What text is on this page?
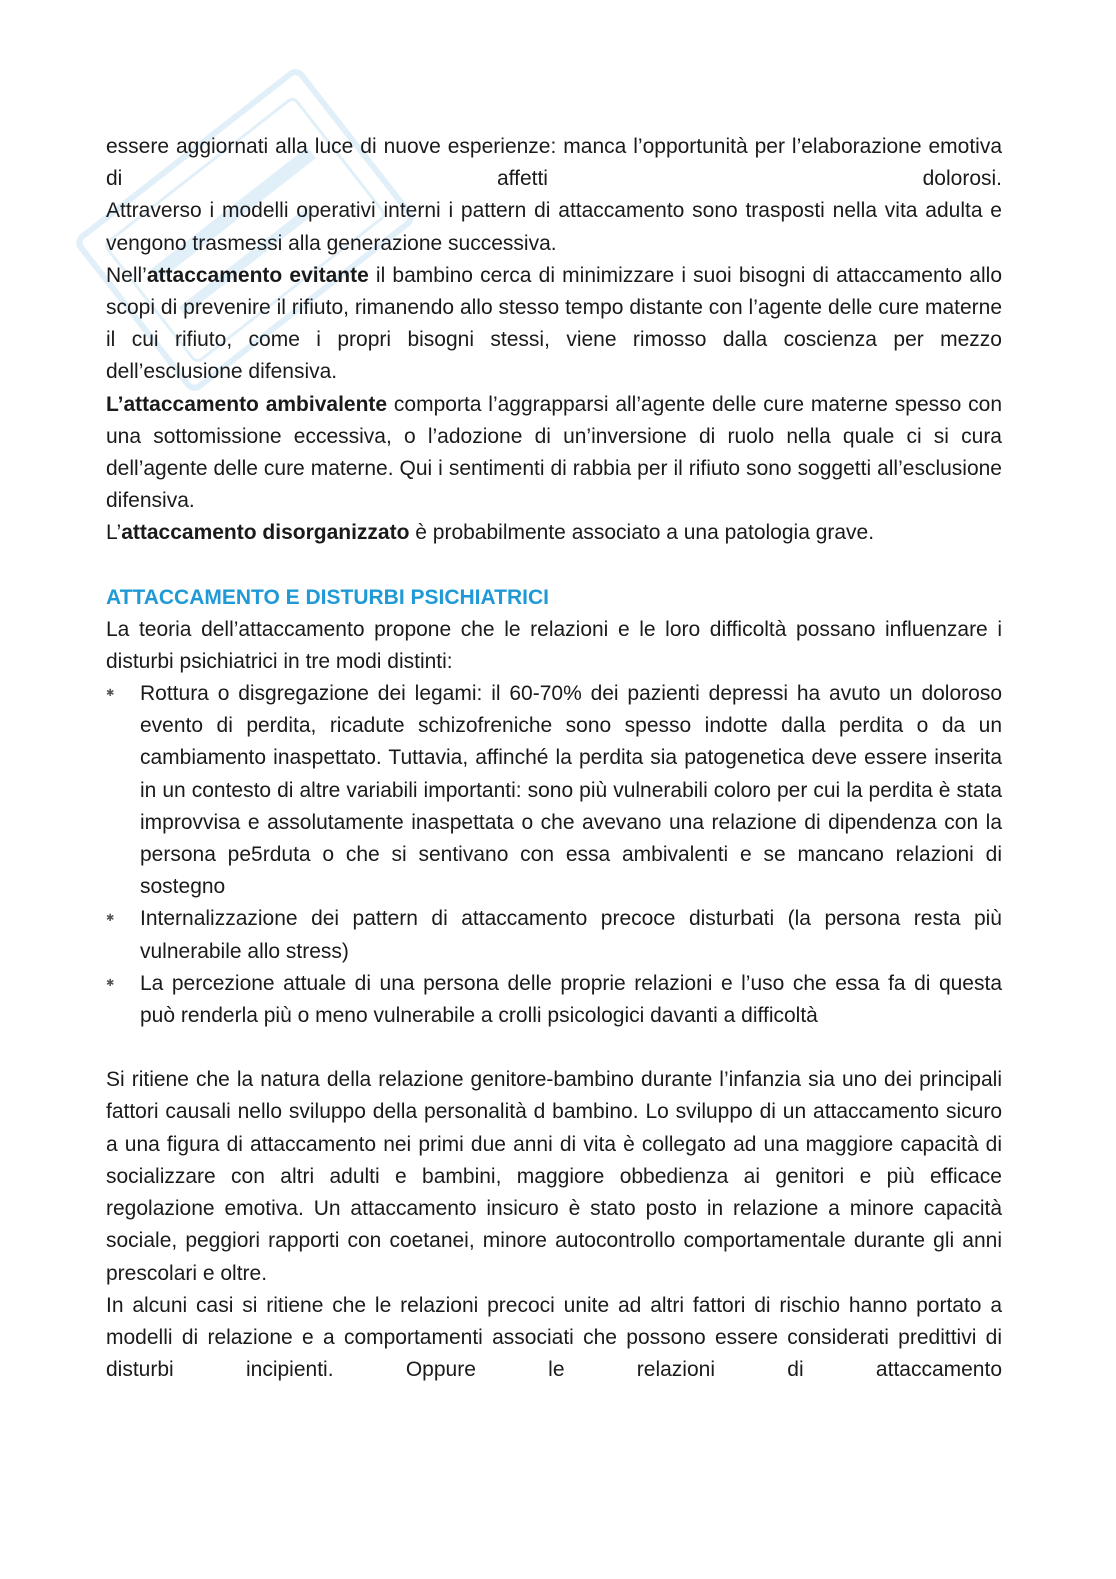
essere aggiornati alla luce di nuove esperienze: manca l’opportunità per l’elaborazione emotiva di affetti dolorosi.

Attraverso i modelli operativi interni i pattern di attaccamento sono trasposti nella vita adulta e vengono trasmessi alla generazione successiva.

Nell’attaccamento evitante il bambino cerca di minimizzare i suoi bisogni di attaccamento allo scopi di prevenire il rifiuto, rimanendo allo stesso tempo distante con l’agente delle cure materne il cui rifiuto, come i propri bisogni stessi, viene rimosso dalla coscienza per mezzo dell’esclusione difensiva.

L’attaccamento ambivalente comporta l’aggrapparsi all’agente delle cure materne spesso con una sottomissione eccessiva, o l’adozione di un’inversione di ruolo nella quale ci si cura dell’agente delle cure materne. Qui i sentimenti di rabbia per il rifiuto sono soggetti all’esclusione difensiva.

L’attaccamento disorganizzato è probabilmente associato a una patologia grave.

ATTACCAMENTO E DISTURBI PSICHIATRICI

La teoria dell’attaccamento propone che le relazioni e le loro difficoltà possano influenzare i disturbi psichiatrici in tre modi distinti:

✱ Rottura o disgregazione dei legami: il 60-70% dei pazienti depressi ha avuto un doloroso evento di perdita, ricadute schizofreniche sono spesso indotte dalla perdita o da un cambiamento inaspettato. Tuttavia, affinché la perdita sia patogenetica deve essere inserita in un contesto di altre variabili importanti: sono più vulnerabili coloro per cui la perdita è stata improvvisa e assolutamente inaspettata o che avevano una relazione di dipendenza con la persona pe5rduta o che si sentivano con essa ambivalenti e se mancano relazioni di sostegno
✱ Internalizzazione dei pattern di attaccamento precoce disturbati (la persona resta più vulnerabile allo stress)
✱ La percezione attuale di una persona delle proprie relazioni e l’uso che essa fa di questa può renderla più o meno vulnerabile a crolli psicologici davanti a difficoltà

Si ritiene che la natura della relazione genitore-bambino durante l’infanzia sia uno dei principali fattori causali nello sviluppo della personalità d bambino. Lo sviluppo di un attaccamento sicuro a una figura di attaccamento nei primi due anni di vita è collegato ad una maggiore capacità di socializzare con altri adulti e bambini, maggiore obbedienza ai genitori e più efficace regolazione emotiva. Un attaccamento insicuro è stato posto in relazione a minore capacità sociale, peggiori rapporti con coetanei, minore autocontrollo comportamentale durante gli anni prescolari e oltre.

In alcuni casi si ritiene che le relazioni precoci unite ad altri fattori di rischio hanno portato a modelli di relazione e a comportamenti associati che possono essere considerati predittivi di disturbi incipienti. Oppure le relazioni di attaccamento
